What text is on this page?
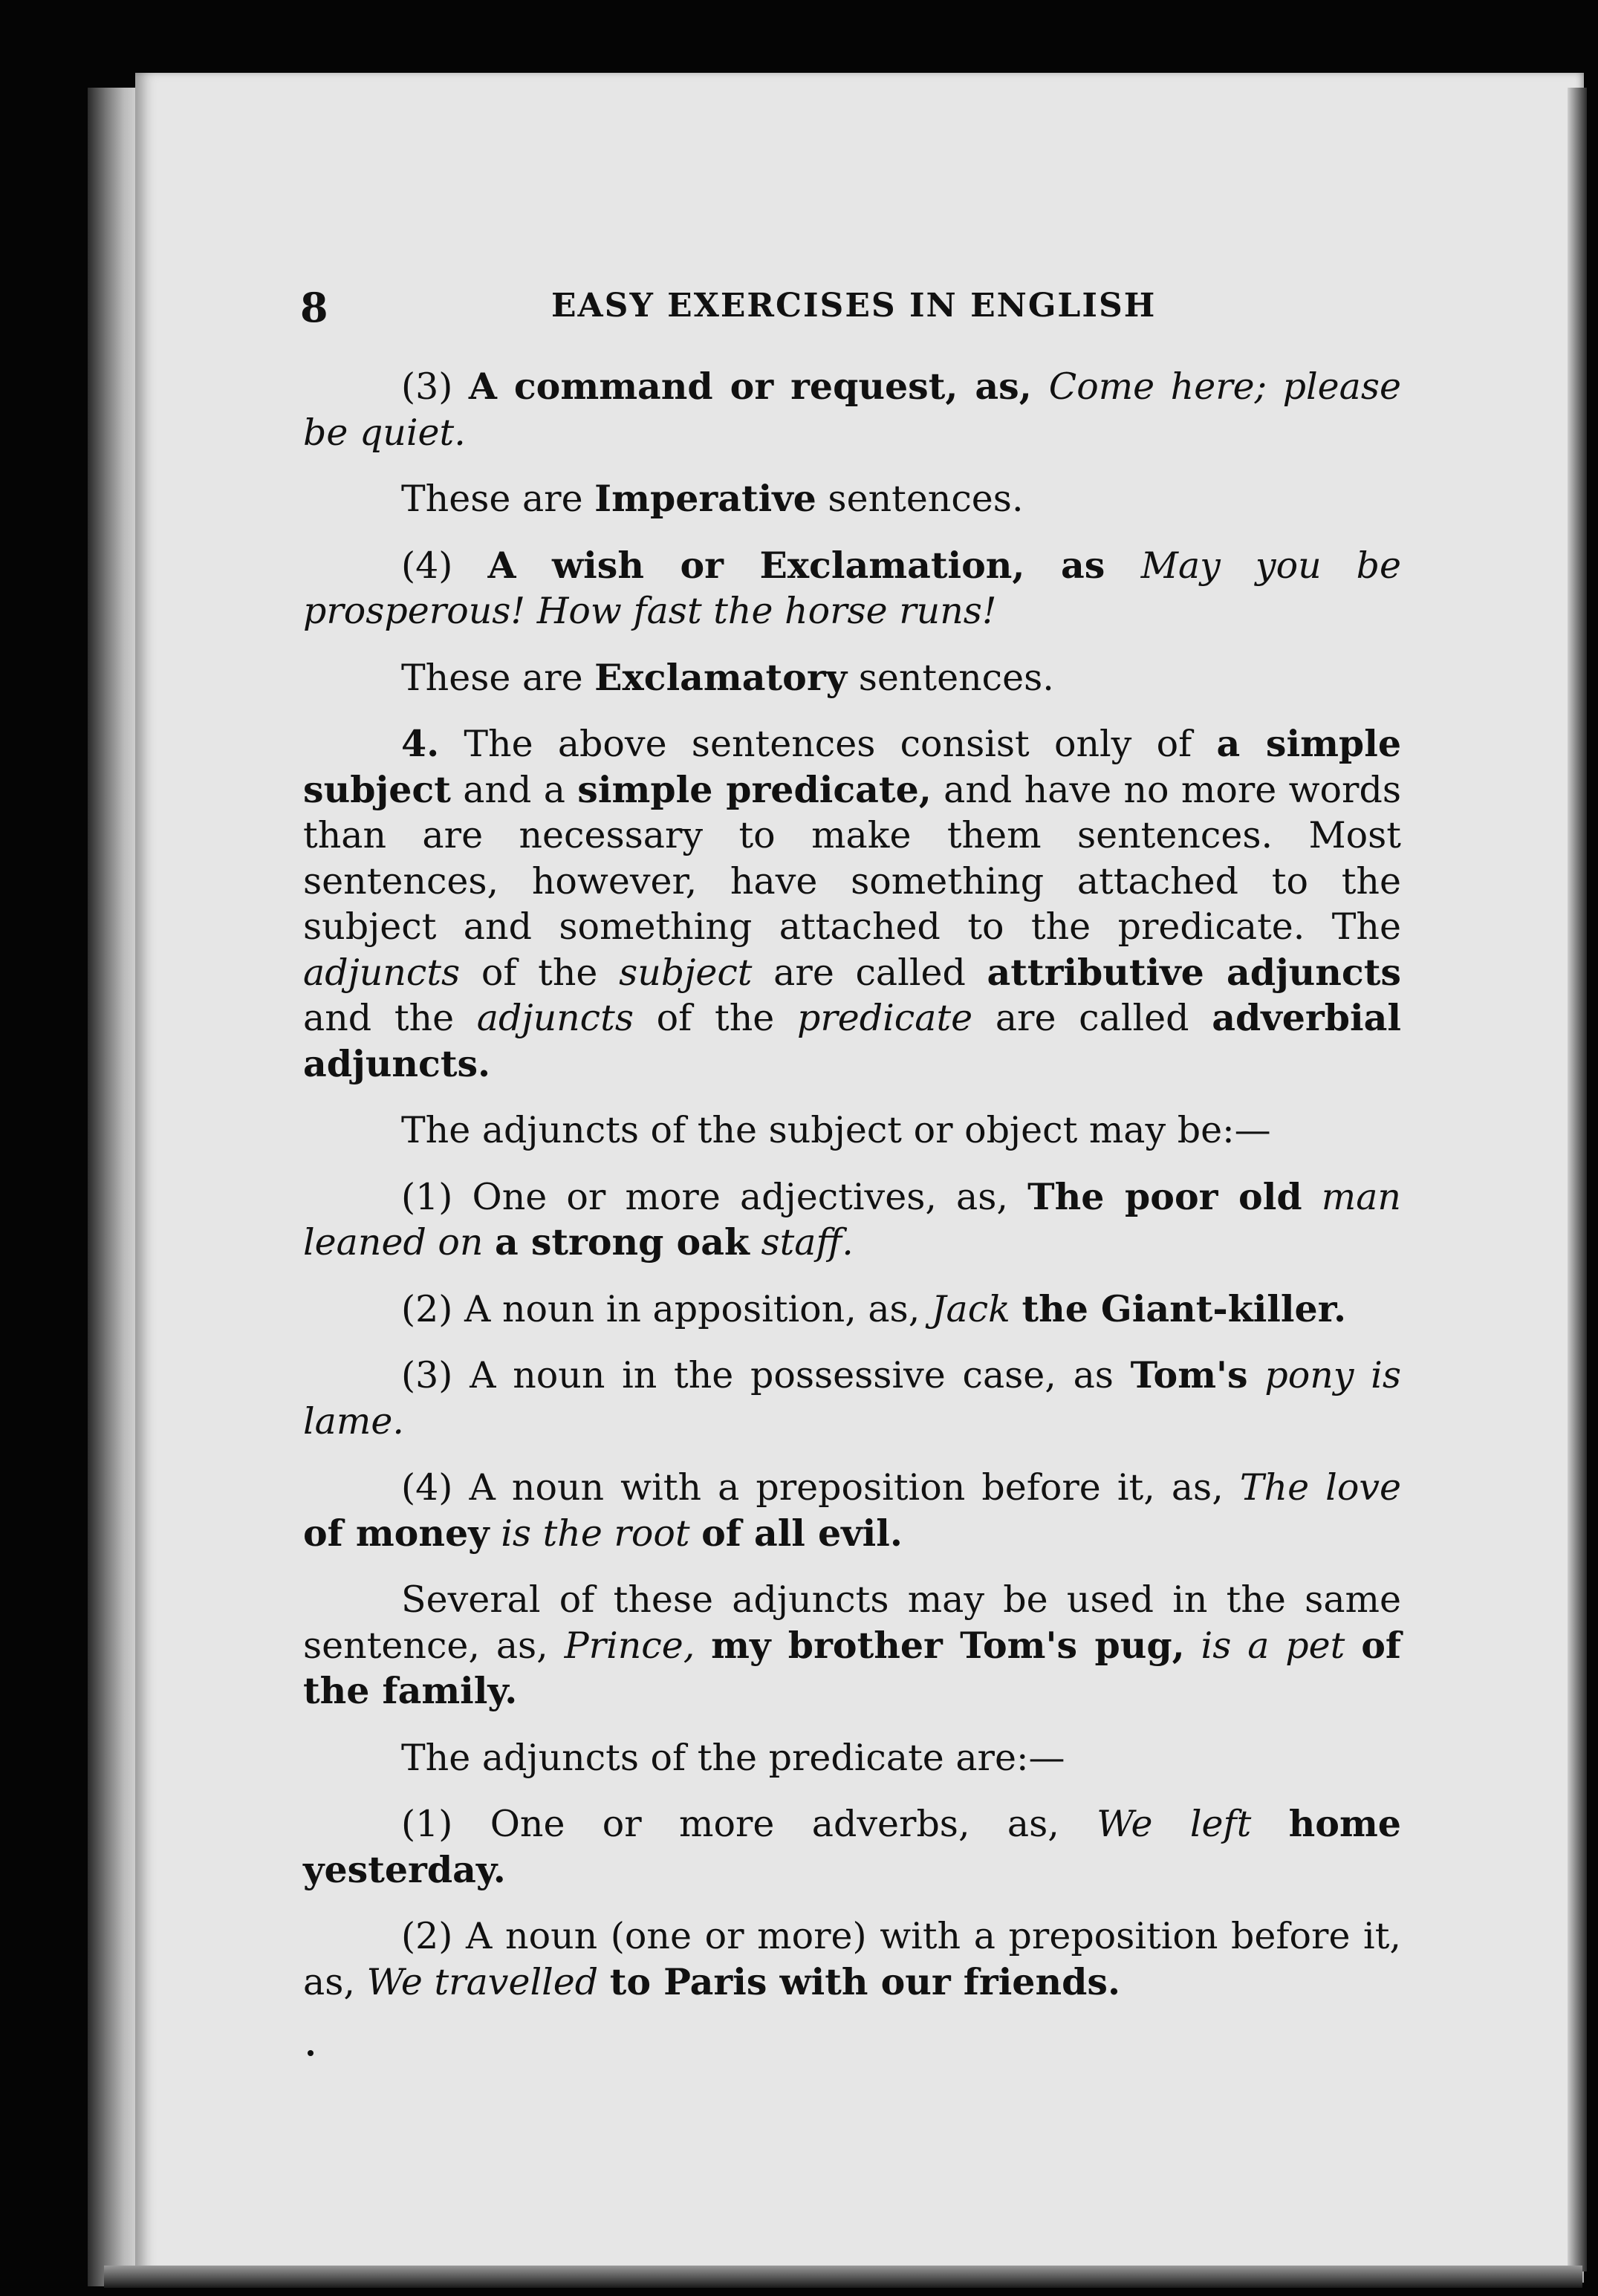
8	EASY EXERCISES IN ENGLISH

(3) A command or request, as, Come here; please be quiet.

These are Imperative sentences.

(4) A wish or Exclamation, as May you be prosperous! How fast the horse runs!

These are Exclamatory sentences.

4. The above sentences consist only of a simple subject and a simple predicate, and have no more words than are necessary to make them sentences. Most sentences, however, have something attached to the subject and something attached to the predicate. The adjuncts of the subject are called attributive adjuncts and the adjuncts of the predicate are called adverbial adjuncts.

The adjuncts of the subject or object may be:—

(1) One or more adjectives, as, The poor old man leaned on a strong oak staff.

(2) A noun in apposition, as, Jack the Giant-killer.

(3) A noun in the possessive case, as Tom's pony is lame.

(4) A noun with a preposition before it, as, The love of money is the root of all evil.

Several of these adjuncts may be used in the same sentence, as, Prince, my brother Tom's pug, is a pet of the family.

The adjuncts of the predicate are:—

(1) One or more adverbs, as, We left home yesterday.

(2) A noun (one or more) with a preposition before it, as, We travelled to Paris with our friends.
